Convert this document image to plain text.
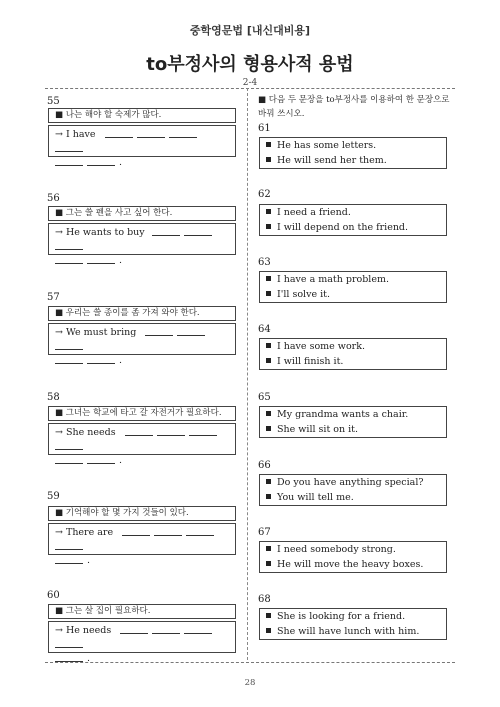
중학영문법 [내신대비용]
to부정사의 형용사적 용법
2-4
55
■ 나는 해야 할 숙제가 많다.
→ I have
.
56
■ 그는 쓸 펜을 사고 싶어 한다.
→ He wants to buy
.
57
■ 우리는 쓸 종이를 좀 가져 와야 한다.
→ We must bring
.
58
■ 그녀는 학교에 타고 갈 자전거가 필요하다.
→ She needs
.
59
■ 기억해야 할 몇 가지 것들이 있다.
→ There are
.
60
■ 그는 살 집이 필요하다.
→ He needs
.
■ 다음 두 문장을 to부정사를 이용하여 한 문장으로 바꿔 쓰시오.
61
He has some letters.
He will send her them.
62
I need a friend.
I will depend on the friend.
63
I have a math problem.
I'll solve it.
64
I have some work.
I will finish it.
65
My grandma wants a chair.
She will sit on it.
66
Do you have anything special?
You will tell me.
67
I need somebody strong.
He will move the heavy boxes.
68
She is looking for a friend.
She will have lunch with him.
28
